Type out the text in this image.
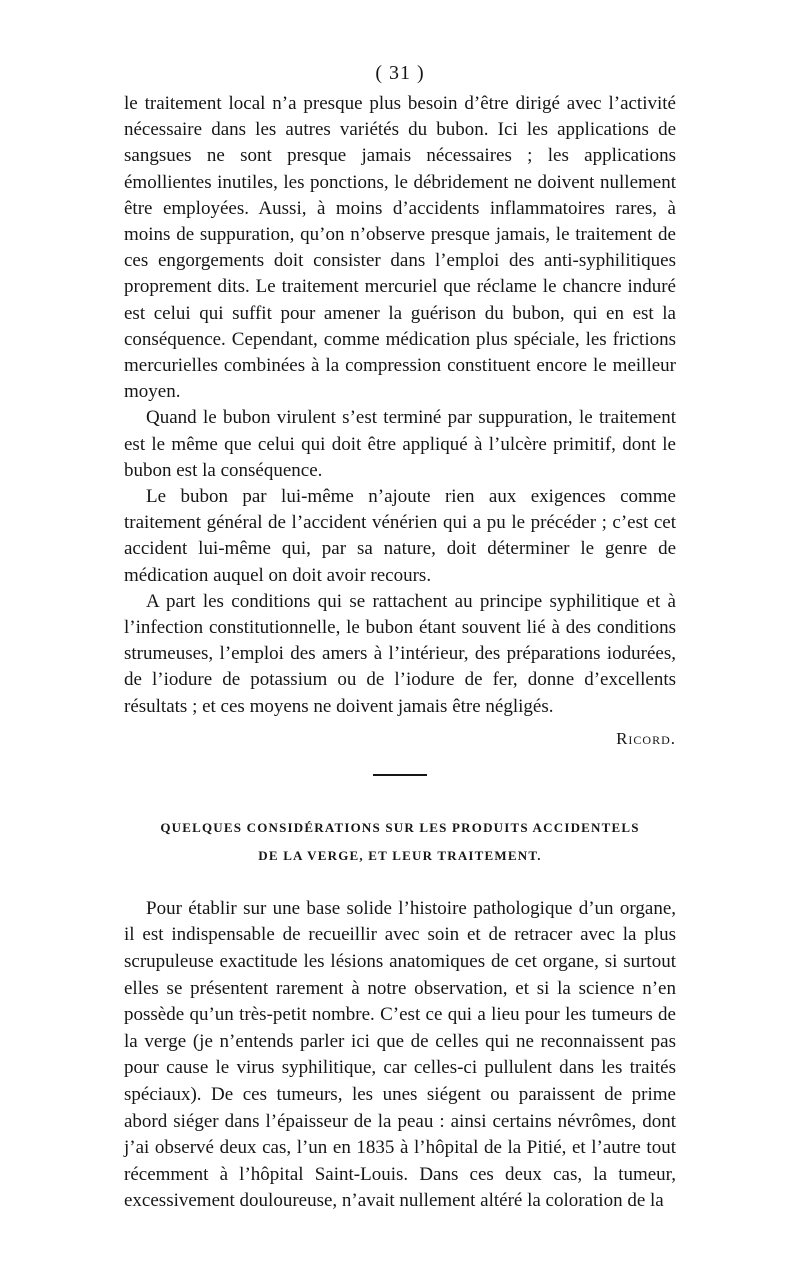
( 31 )

le traitement local n’a presque plus besoin d’être dirigé avec l’activité nécessaire dans les autres variétés du bubon. Ici les applications de sangsues ne sont presque jamais nécessaires ; les applications émollientes inutiles, les ponctions, le débridement ne doivent nullement être employées. Aussi, à moins d’accidents inflammatoires rares, à moins de suppuration, qu’on n’observe presque jamais, le traitement de ces engorgements doit consister dans l’emploi des anti-syphilitiques proprement dits. Le traitement mercuriel que réclame le chancre induré est celui qui suffit pour amener la guérison du bubon, qui en est la conséquence. Cependant, comme médication plus spéciale, les frictions mercurielles combinées à la compression constituent encore le meilleur moyen.

Quand le bubon virulent s’est terminé par suppuration, le traitement est le même que celui qui doit être appliqué à l’ulcère primitif, dont le bubon est la conséquence.

Le bubon par lui-même n’ajoute rien aux exigences comme traitement général de l’accident vénérien qui a pu le précéder ; c’est cet accident lui-même qui, par sa nature, doit déterminer le genre de médication auquel on doit avoir recours.

A part les conditions qui se rattachent au principe syphilitique et à l’infection constitutionnelle, le bubon étant souvent lié à des conditions strumeuses, l’emploi des amers à l’intérieur, des préparations iodurées, de l’iodure de potassium ou de l’iodure de fer, donne d’excellents résultats ; et ces moyens ne doivent jamais être négligés.

Ricord.
QUELQUES CONSIDÉRATIONS SUR LES PRODUITS ACCIDENTELS
DE LA VERGE, ET LEUR TRAITEMENT.

Pour établir sur une base solide l’histoire pathologique d’un organe, il est indispensable de recueillir avec soin et de retracer avec la plus scrupuleuse exactitude les lésions anatomiques de cet organe, si surtout elles se présentent rarement à notre observation, et si la science n’en possède qu’un très-petit nombre. C’est ce qui a lieu pour les tumeurs de la verge (je n’entends parler ici que de celles qui ne reconnaissent pas pour cause le virus syphilitique, car celles-ci pullulent dans les traités spéciaux). De ces tumeurs, les unes siégent ou paraissent de prime abord siéger dans l’épaisseur de la peau : ainsi certains névrômes, dont j’ai observé deux cas, l’un en 1835 à l’hôpital de la Pitié, et l’autre tout récemment à l’hôpital Saint-Louis. Dans ces deux cas, la tumeur, excessivement douloureuse, n’avait nullement altéré la coloration de la
